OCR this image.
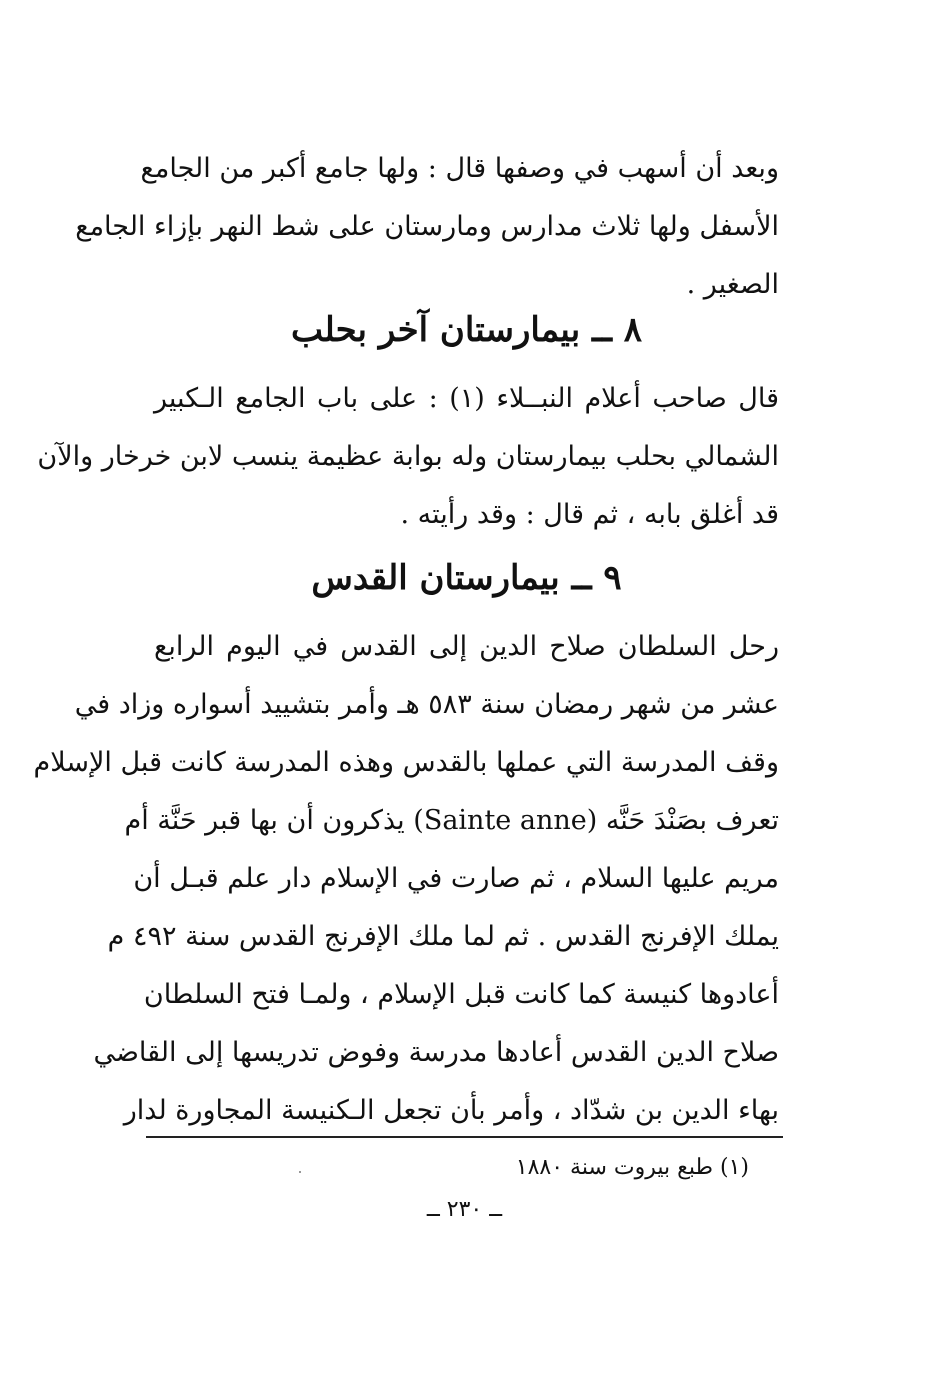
وبعد أن أسهب في وصفها قال : ولها جامع أكبر من الجامع
الأسفل ولها ثلاث مدارس ومارستان على شط النهر بإزاء الجامع
الصغير .
٨ ــ بيمارستان آخر بحلب
قال صاحب أعلام النبــلاء (١) : على باب الجامع الـكبير
الشمالي بحلب بيمارستان وله بوابة عظيمة ينسب لابن خرخار والآن
قد أغلق بابه ، ثم قال : وقد رأيته .
٩ ــ بيمارستان القدس
رحل السلطان صلاح الدين إلى القدس في اليوم الرابع
عشر من شهر رمضان سنة ٥٨٣ هـ وأمر بتشييد أسواره وزاد في
وقف المدرسة التي عملها بالقدس وهذه المدرسة كانت قبل الإسلام
تعرف بصَنْدَ حَنَّه (Sainte anne) يذكرون أن بها قبر حَنَّة أم
مريم عليها السلام ، ثم صارت في الإسلام دار علم قبـل أن
يملك الإفرنج القدس . ثم لما ملك الإفرنج القدس سنة ٤٩٢ م
أعادوها كنيسة كما كانت قبل الإسلام ، ولمـا فتح السلطان
صلاح الدين القدس أعادها مدرسة وفوض تدريسها إلى القاضي
بهاء الدين بن شدّاد ، وأمر بأن تجعل الـكنيسة المجاورة لدار
(١) طبع بيروت سنة ١٨٨٠
ــ ٢٣٠ ــ
